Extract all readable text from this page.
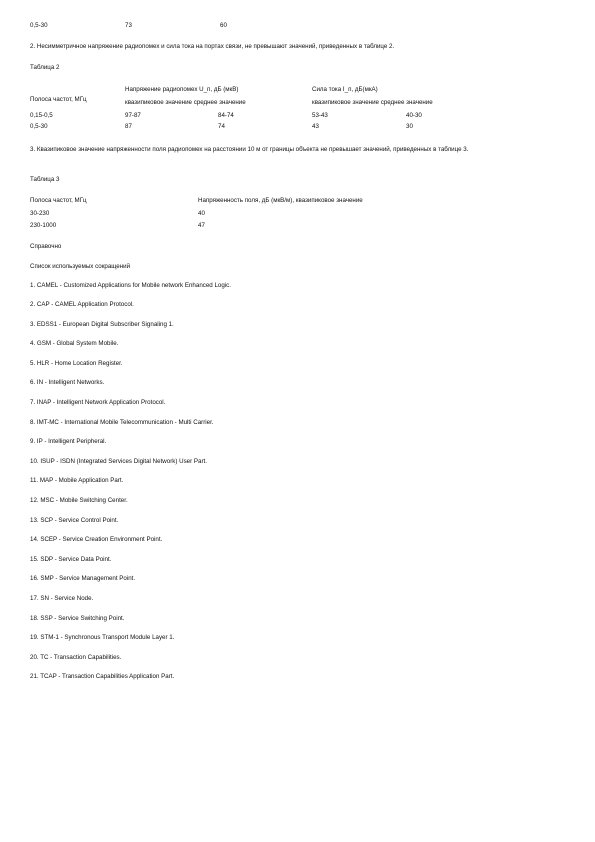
0,5-30	73	60
2. Несимметричное напряжение радиопомех и сила тока на портах связи, не превышают значений, приведенных в таблице 2.
Таблица 2
Напряжение радиопомех U_п, дБ (мкВ)	Сила тока I_п, дБ(мкА)
Полоса частот, МГц	квазипиковое значение среднее значение	квазипиковое значение среднее значение
0,15-0,5	97-87	84-74	53-43	40-30
0,5-30	87	74	43	30
3. Квазипиковое значение напряженности поля радиопомех на расстоянии 10 м от границы объекта не превышает значений, приведенных в таблице 3.
Таблица 3
Полоса частот, МГц	Напряженность поля, дБ (мкВ/м), квазипиковое значение
30-230	40
230-1000	47
Справочно
Список используемых сокращений
1. CAMEL - Customized Applications for Mobile network Enhanced Logic.
2. CAP - CAMEL Application Protocol.
3. EDSS1 - European Digital Subscriber Signaling 1.
4. GSM - Global System Mobile.
5. HLR - Home Location Register.
6. IN - Intelligent Networks.
7. INAP - Intelligent Network Application Protocol.
8. IMT-MC - International Mobile Telecommunication - Multi Carrier.
9. IP - Intelligent Peripheral.
10. ISUP - ISDN (Integrated Services Digital Network) User Part.
11. MAP - Mobile Application Part.
12. MSC - Mobile Switching Center.
13. SCP - Service Control Point.
14. SCEP - Service Creation Environment Point.
15. SDP - Service Data Point.
16. SMP - Service Management Point.
17. SN - Service Node.
18. SSP - Service Switching Point.
19. STM-1 - Synchronous Transport Module Layer 1.
20. TC - Transaction Capabilities.
21. TCAP - Transaction Capabilities Application Part.
